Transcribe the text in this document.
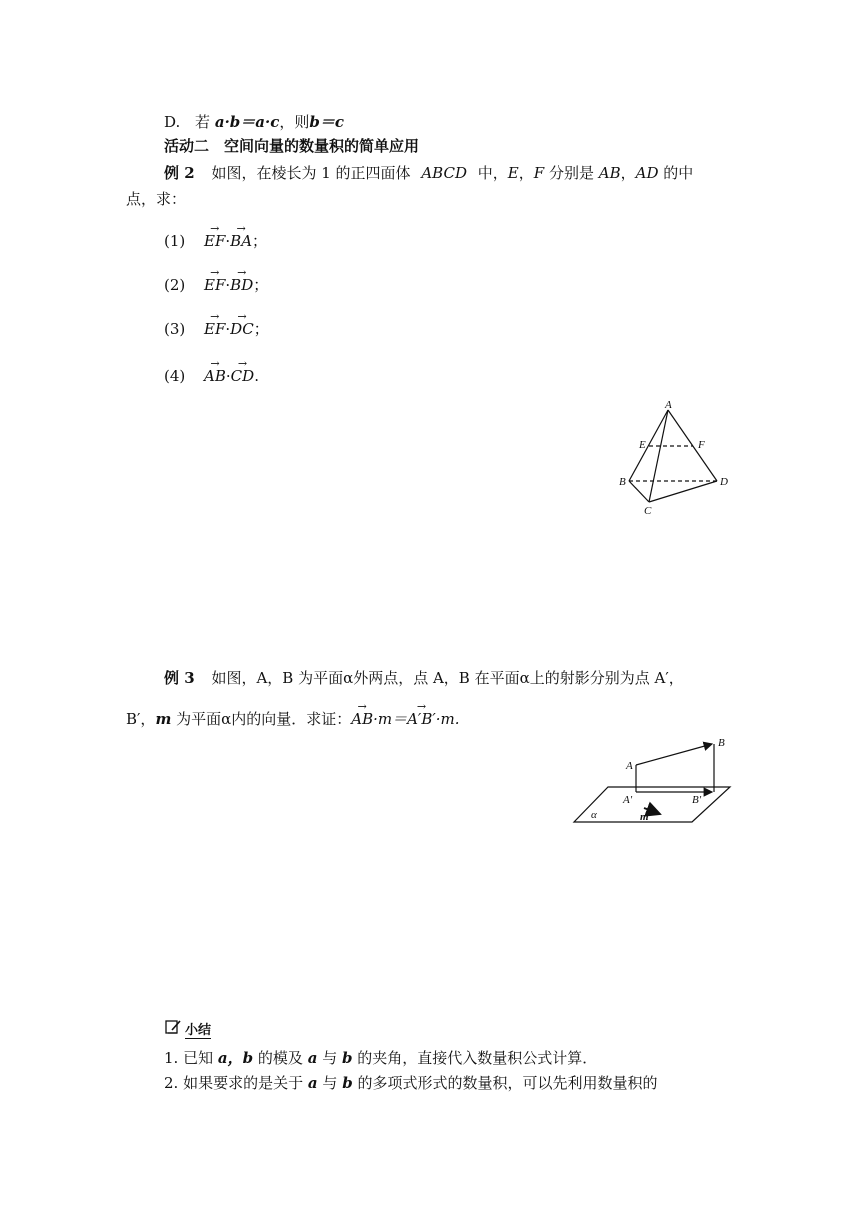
D. 若 a·b＝a·c，则b＝c
活动二　空间向量的数量积的简单应用
例 2 如图，在棱长为 1 的正四面体 ABCD 中，E，F 分别是 AB，AD 的中
点，求：
(1) → EF·→ BA；
(2) → EF·→ BD；
(3) → EF·→ DC；
(4) → AB·→ CD.
A
E	F
B	D
C
例 3 如图，A，B 为平面α外两点，点 A，B 在平面α上的射影分别为点 A′，
B′，m 为平面α内的向量．求证：→ AB·m＝→ A′B′·m.
A
B
A′	B′
α	m
小结
1. 已知 a，b 的模及 a 与 b 的夹角，直接代入数量积公式计算．
2. 如果要求的是关于 a 与 b 的多项式形式的数量积，可以先利用数量积的
